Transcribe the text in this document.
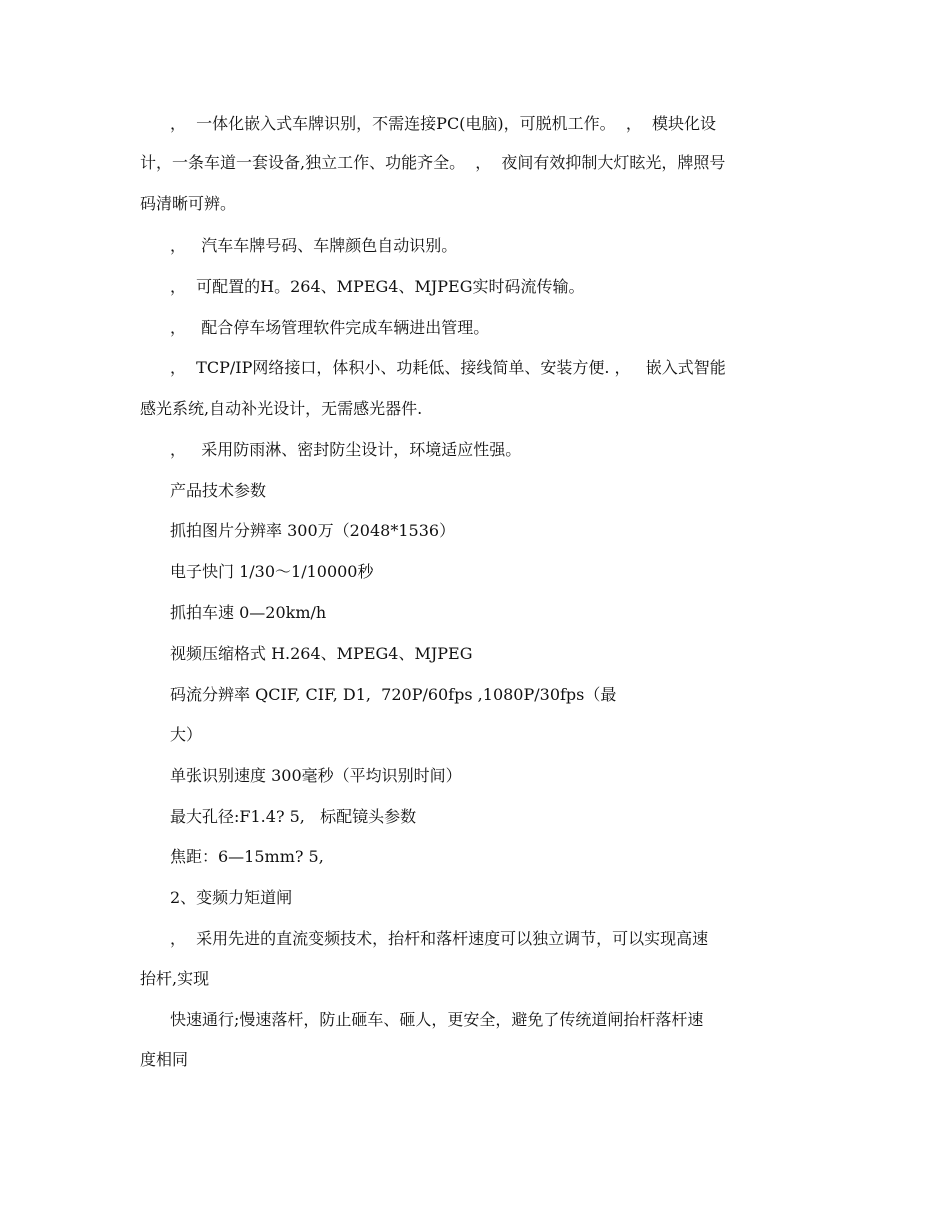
，  一体化嵌入式车牌识别，不需连接PC(电脑)，可脱机工作。  ，  模块化设
计，一条车道一套设备,独立工作、功能齐全。  ，  夜间有效抑制大灯眩光，牌照号
码清晰可辨。
，   汽车车牌号码、车牌颜色自动识别。
，  可配置的H。264、MPEG4、MJPEG实时码流传输。
，   配合停车场管理软件完成车辆进出管理。
，  TCP/IP网络接口，体积小、功耗低、接线简单、安装方便. ，   嵌入式智能
感光系统,自动补光设计，无需感光器件.
，   采用防雨淋、密封防尘设计，环境适应性强。
产品技术参数
抓拍图片分辨率 300万（2048*1536）
电子快门 1/30～1/10000秒
抓拍车速 0—20km/h
视频压缩格式 H.264、MPEG4、MJPEG
码流分辨率 QCIF, CIF, D1,  720P/60fps ,1080P/30fps（最
大）
单张识别速度 300毫秒（平均识别时间）
最大孔径:F1.4? 5,   标配镜头参数
焦距：6—15mm? 5,
2、变频力矩道闸
，  采用先进的直流变频技术，抬杆和落杆速度可以独立调节，可以实现高速
抬杆,实现
快速通行;慢速落杆，防止砸车、砸人，更安全，避免了传统道闸抬杆落杆速
度相同
